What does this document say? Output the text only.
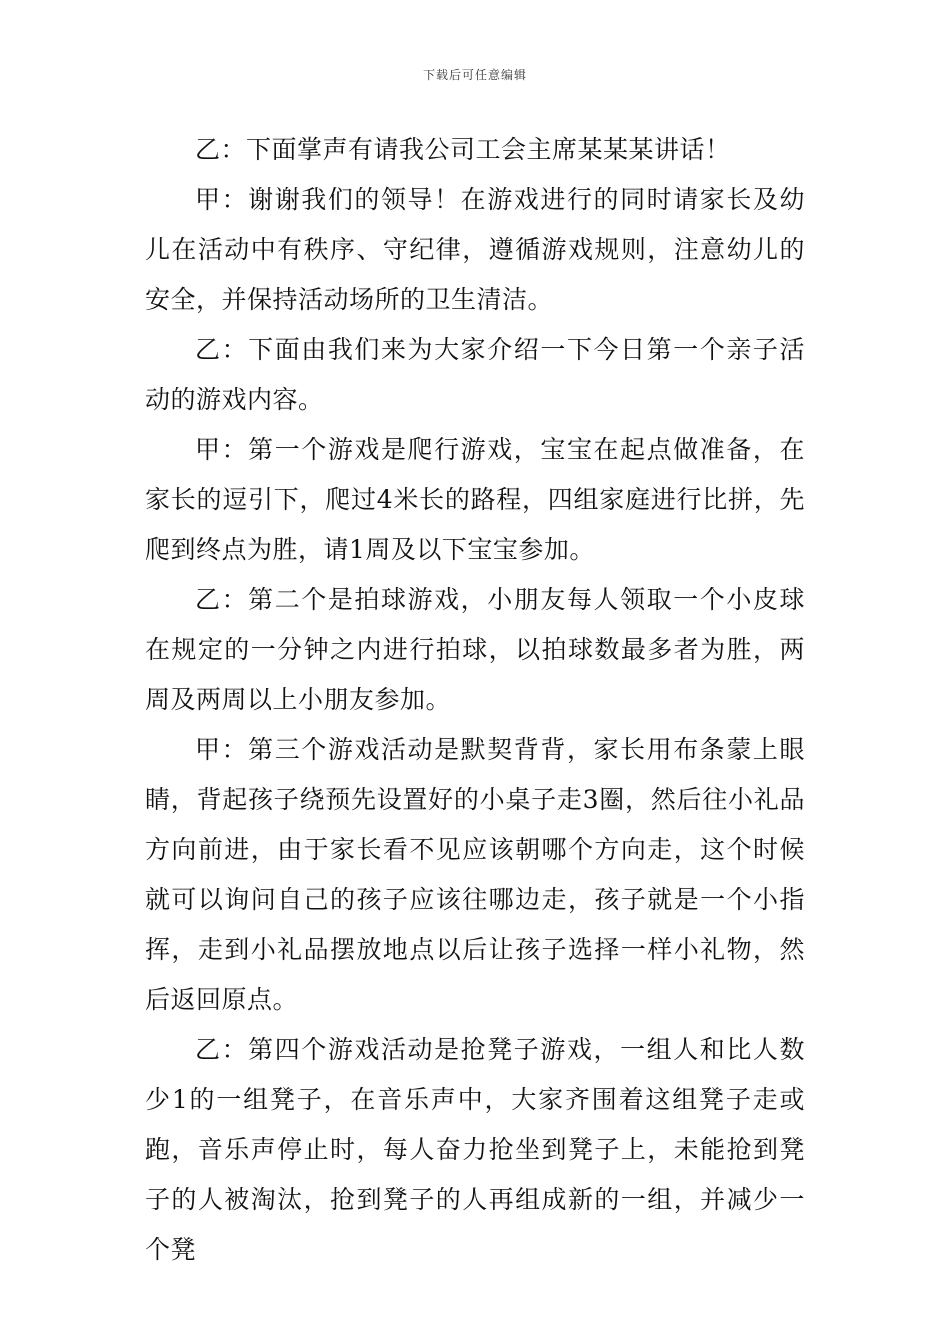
下载后可任意编辑

乙：下面掌声有请我公司工会主席某某某讲话！

甲：谢谢我们的领导！在游戏进行的同时请家长及幼儿在活动中有秩序、守纪律，遵循游戏规则，注意幼儿的安全，并保持活动场所的卫生清洁。

乙：下面由我们来为大家介绍一下今日第一个亲子活动的游戏内容。

甲：第一个游戏是爬行游戏，宝宝在起点做准备，在家长的逗引下，爬过4米长的路程，四组家庭进行比拼，先爬到终点为胜，请1周及以下宝宝参加。

乙：第二个是拍球游戏，小朋友每人领取一个小皮球在规定的一分钟之内进行拍球，以拍球数最多者为胜，两周及两周以上小朋友参加。

甲：第三个游戏活动是默契背背，家长用布条蒙上眼睛，背起孩子绕预先设置好的小桌子走3圈，然后往小礼品方向前进，由于家长看不见应该朝哪个方向走，这个时候就可以询问自己的孩子应该往哪边走，孩子就是一个小指挥，走到小礼品摆放地点以后让孩子选择一样小礼物，然后返回原点。

乙：第四个游戏活动是抢凳子游戏，一组人和比人数少1的一组凳子，在音乐声中，大家齐围着这组凳子走或跑，音乐声停止时，每人奋力抢坐到凳子上，未能抢到凳子的人被淘汰，抢到凳子的人再组成新的一组，并减少一个凳
